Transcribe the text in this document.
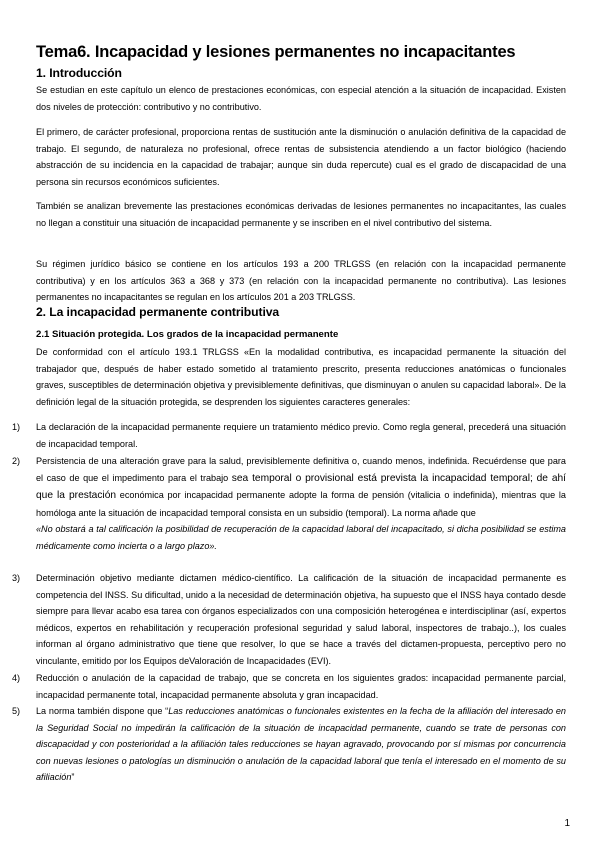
Tema6. Incapacidad y lesiones permanentes no incapacitantes
1. Introducción
Se estudian en este capítulo un elenco de prestaciones económicas, con especial atención a la situación de incapacidad. Existen dos niveles de protección: contributivo y no contributivo.
El primero, de carácter profesional, proporciona rentas de sustitución ante la disminución o anulación definitiva de la capacidad de trabajo. El segundo, de naturaleza no profesional, ofrece rentas de subsistencia atendiendo a un factor biológico (haciendo abstracción de su incidencia en la capacidad de trabajar; aunque sin duda repercute) cual es el grado de discapacidad de una persona sin recursos económicos suficientes.
También se analizan brevemente las prestaciones económicas derivadas de lesiones permanentes no incapacitantes, las cuales no llegan a constituir una situación de incapacidad permanente y se inscriben en el nivel contributivo del sistema.
Su régimen jurídico básico se contiene en los artículos 193 a 200 TRLGSS (en relación con la incapacidad permanente contributiva) y en los artículos 363 a 368 y 373 (en relación con la incapacidad permanente no contributiva). Las lesiones permanentes no incapacitantes se regulan en los artículos 201 a 203 TRLGSS.
2. La incapacidad permanente contributiva
2.1 Situación protegida. Los grados de la incapacidad permanente
De conformidad con el artículo 193.1 TRLGSS «En la modalidad contributiva, es incapacidad permanente la situación del trabajador que, después de haber estado sometido al tratamiento prescrito, presenta reducciones anatómicas o funcionales graves, susceptibles de determinación objetiva y previsiblemente definitivas, que disminuyan o anulen su capacidad laboral». De la definición legal de la situación protegida, se desprenden los siguientes caracteres generales:
1) La declaración de la incapacidad permanente requiere un tratamiento médico previo. Como regla general, precederá una situación de incapacidad temporal.
2) Persistencia de una alteración grave para la salud, previsiblemente definitiva o, cuando menos, indefinida. Recuérdense que para el caso de que el impedimento para el trabajo sea temporal o provisional está prevista la incapacidad temporal; de ahí que la prestación económica por incapacidad permanente adopte la forma de pensión (vitalicia o indefinida), mientras que la homóloga ante la situación de incapacidad temporal consista en un subsidio (temporal). La norma añade que
«No obstará a tal calificación la posibilidad de recuperación de la capacidad laboral del incapacitado, si dicha posibilidad se estima médicamente como incierta o a largo plazo».
3) Determinación objetivo mediante dictamen médico-científico. La calificación de la situación de incapacidad permanente es competencia del INSS. Su dificultad, unido a la necesidad de determinación objetiva, ha supuesto que el INSS haya contado desde siempre para llevar acabo esa tarea con órganos especializados con una composición heterogénea e interdisciplinar (así, expertos médicos, expertos en rehabilitación y recuperación profesional seguridad y salud laboral, inspectores de trabajo..), los cuales informan al órgano administrativo que tiene que resolver, lo que se hace a través del dictamen-propuesta, perceptivo pero no vinculante, emitido por los Equipos deValoración de Incapacidades (EVI).
4) Reducción o anulación de la capacidad de trabajo, que se concreta en los siguientes grados: incapacidad permanente parcial, incapacidad permanente total, incapacidad permanente absoluta y gran incapacidad.
5) La norma también dispone que “Las reducciones anatómicas o funcionales existentes en la fecha de la afiliación del interesado en la Seguridad Social no impedirán la calificación de la situación de incapacidad permanente, cuando se trate de personas con discapacidad y con posterioridad a la afiliación tales reducciones se hayan agravado, provocando por sí mismas por concurrencia con nuevas lesiones o patologías un disminución o anulación de la capacidad laboral que tenía el interesado en el momento de su afiliación”
1
